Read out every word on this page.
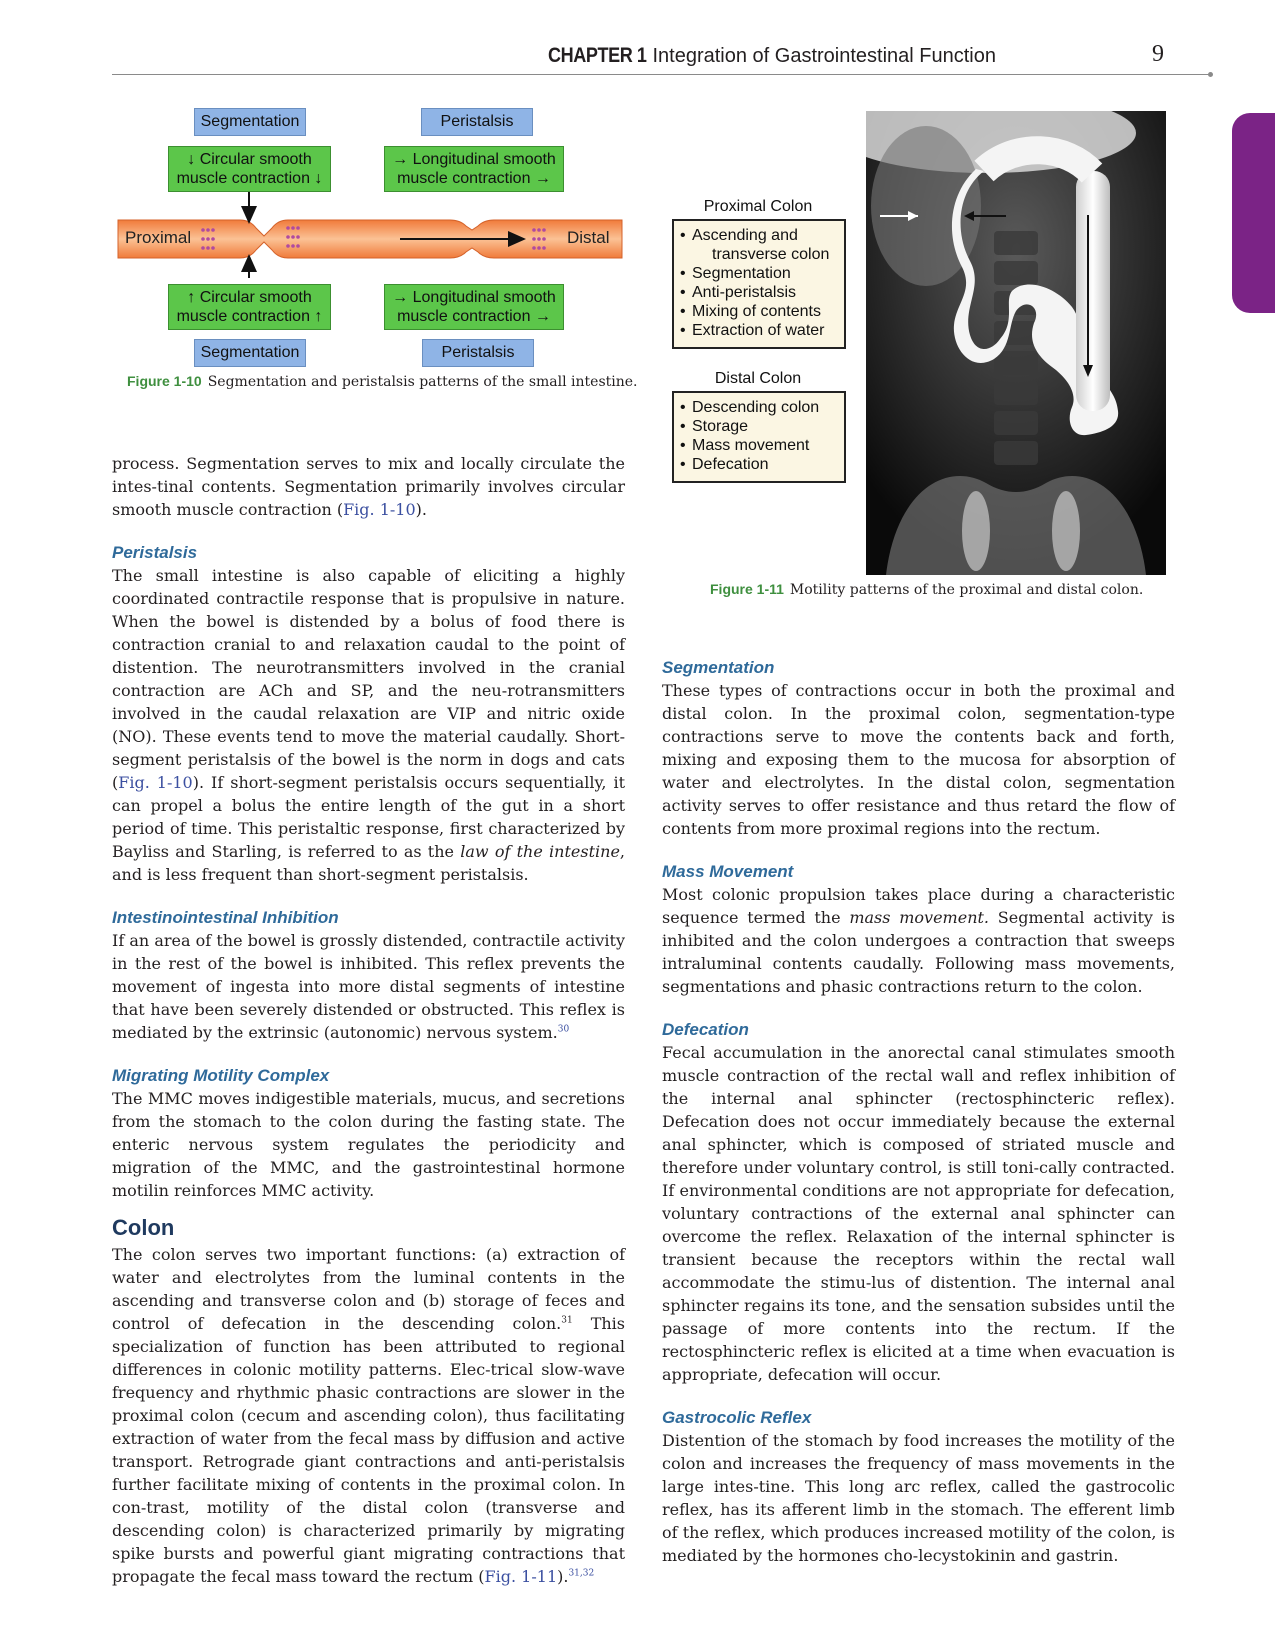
CHAPTER 1 Integration of Gastrointestinal Function	9
Segmentation	Peristalsis
↓ Circular smooth
muscle contraction ↓
→ Longitudinal smooth
muscle contraction →
Proximal	Distal
↑ Circular smooth
muscle contraction ↑
→ Longitudinal smooth
muscle contraction →
Segmentation	Peristalsis
Figure 1-10 Segmentation and peristalsis patterns of the small intestine.
Proximal Colon
• Ascending and
transverse colon
• Segmentation
• Anti-peristalsis
• Mixing of contents
• Extraction of water
Distal Colon
• Descending colon
• Storage
• Mass movement
• Defecation
Figure 1-11 Motility patterns of the proximal and distal colon.

process. Segmentation serves to mix and locally circulate the intes-tinal contents. Segmentation primarily involves circular smooth muscle contraction (Fig. 1-10).

Peristalsis

The small intestine is also capable of eliciting a highly coordinated contractile response that is propulsive in nature. When the bowel is distended by a bolus of food there is contraction cranial to and relaxation caudal to the point of distention. The neurotransmitters involved in the cranial contraction are ACh and SP, and the neu-rotransmitters involved in the caudal relaxation are VIP and nitric oxide (NO). These events tend to move the material caudally. Short-segment peristalsis of the bowel is the norm in dogs and cats (Fig. 1-10). If short-segment peristalsis occurs sequentially, it can propel a bolus the entire length of the gut in a short period of time. This peristaltic response, first characterized by Bayliss and Starling, is referred to as the law of the intestine, and is less frequent than short-segment peristalsis.

Intestinointestinal Inhibition

If an area of the bowel is grossly distended, contractile activity in the rest of the bowel is inhibited. This reflex prevents the movement of ingesta into more distal segments of intestine that have been severely distended or obstructed. This reflex is mediated by the extrinsic (autonomic) nervous system.$^{30}$

Migrating Motility Complex

The MMC moves indigestible materials, mucus, and secretions from the stomach to the colon during the fasting state. The enteric nervous system regulates the periodicity and migration of the MMC, and the gastrointestinal hormone motilin reinforces MMC activity.

Colon

The colon serves two important functions: (a) extraction of water and electrolytes from the luminal contents in the ascending and transverse colon and (b) storage of feces and control of defecation in the descending colon.$^{31}$ This specialization of function has been attributed to regional differences in colonic motility patterns. Elec-trical slow-wave frequency and rhythmic phasic contractions are slower in the proximal colon (cecum and ascending colon), thus facilitating extraction of water from the fecal mass by diffusion and active transport. Retrograde giant contractions and anti-peristalsis further facilitate mixing of contents in the proximal colon. In con-trast, motility of the distal colon (transverse and descending colon) is characterized primarily by migrating spike bursts and powerful giant migrating contractions that propagate the fecal mass toward the rectum (Fig. 1-11).$^{31,32}$

Segmentation

These types of contractions occur in both the proximal and distal colon. In the proximal colon, segmentation-type contractions serve to move the contents back and forth, mixing and exposing them to the mucosa for absorption of water and electrolytes. In the distal colon, segmentation activity serves to offer resistance and thus retard the flow of contents from more proximal regions into the rectum.

Mass Movement

Most colonic propulsion takes place during a characteristic sequence termed the mass movement. Segmental activity is inhibited and the colon undergoes a contraction that sweeps intraluminal contents caudally. Following mass movements, segmentations and phasic contractions return to the colon.

Defecation

Fecal accumulation in the anorectal canal stimulates smooth muscle contraction of the rectal wall and reflex inhibition of the internal anal sphincter (rectosphincteric reflex). Defecation does not occur immediately because the external anal sphincter, which is composed of striated muscle and therefore under voluntary control, is still toni-cally contracted. If environmental conditions are not appropriate for defecation, voluntary contractions of the external anal sphincter can overcome the reflex. Relaxation of the internal sphincter is transient because the receptors within the rectal wall accommodate the stimu-lus of distention. The internal anal sphincter regains its tone, and the sensation subsides until the passage of more contents into the rectum. If the rectosphincteric reflex is elicited at a time when evacuation is appropriate, defecation will occur.

Gastrocolic Reflex

Distention of the stomach by food increases the motility of the colon and increases the frequency of mass movements in the large intes-tine. This long arc reflex, called the gastrocolic reflex, has its afferent limb in the stomach. The efferent limb of the reflex, which produces increased motility of the colon, is mediated by the hormones cho-lecystokinin and gastrin.
